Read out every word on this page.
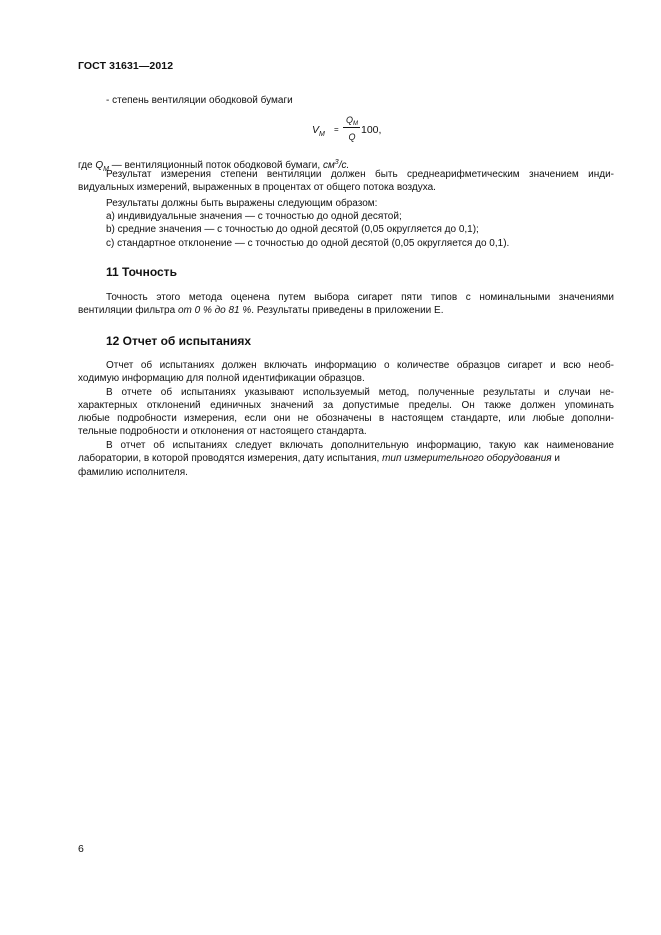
ГОСТ 31631—2012
- степень вентиляции ободковой бумаги
$V_M$
=
$Q_M$
Q
100,
где $Q_M$ — вентиляционный поток ободковой бумаги, $см^3/с$.
Результат измерения степени вентиляции должен быть среднеарифметическим значением инди-
видуальных измерений, выраженных в процентах от общего потока воздуха.
Результаты должны быть выражены следующим образом:
а) индивидуальные значения — с точностью до одной десятой;
b) средние значения — с точностью до одной десятой (0,05 округляется до 0,1);
c) стандартное отклонение — с точностью до одной десятой (0,05 округляется до 0,1).
11 Точность
Точность этого метода оценена путем выбора сигарет пяти типов с номинальными значениями
вентиляции фильтра от 0 % до 81 %. Результаты приведены в приложении Е.
12 Отчет об испытаниях
Отчет об испытаниях должен включать информацию о количестве образцов сигарет и всю необ-
ходимую информацию для полной идентификации образцов.
В отчете об испытаниях указывают используемый метод, полученные результаты и случаи не-
характерных отклонений единичных значений за допустимые пределы. Он также должен упоминать
любые подробности измерения, если они не обозначены в настоящем стандарте, или любые дополни-
тельные подробности и отклонения от настоящего стандарта.
В отчет об испытаниях следует включать дополнительную информацию, такую как наименование
лаборатории, в которой проводятся измерения, дату испытания, тип измерительного оборудования и
фамилию исполнителя.
6
